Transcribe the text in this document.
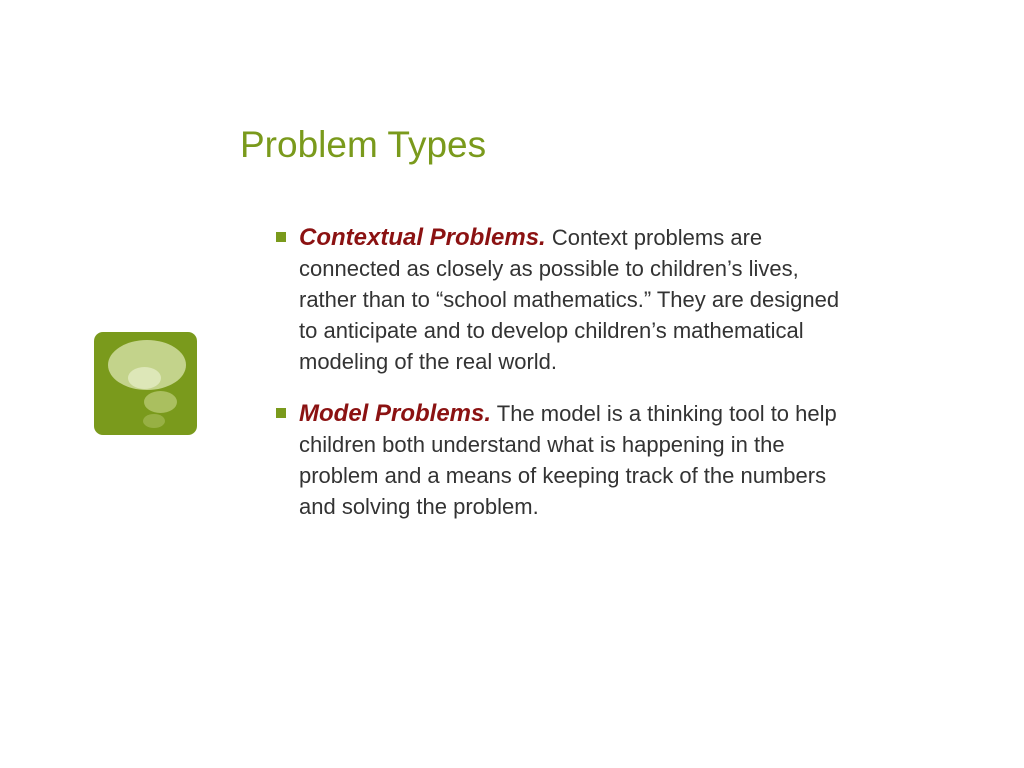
Problem Types
Contextual Problems. Context problems are connected as closely as possible to children’s lives, rather than to “school mathematics.” They are designed to anticipate and to develop children’s mathematical modeling of the real world.
Model Problems. The model is a thinking tool to help children both understand what is happening in the problem and a means of keeping track of the numbers and solving the problem.
